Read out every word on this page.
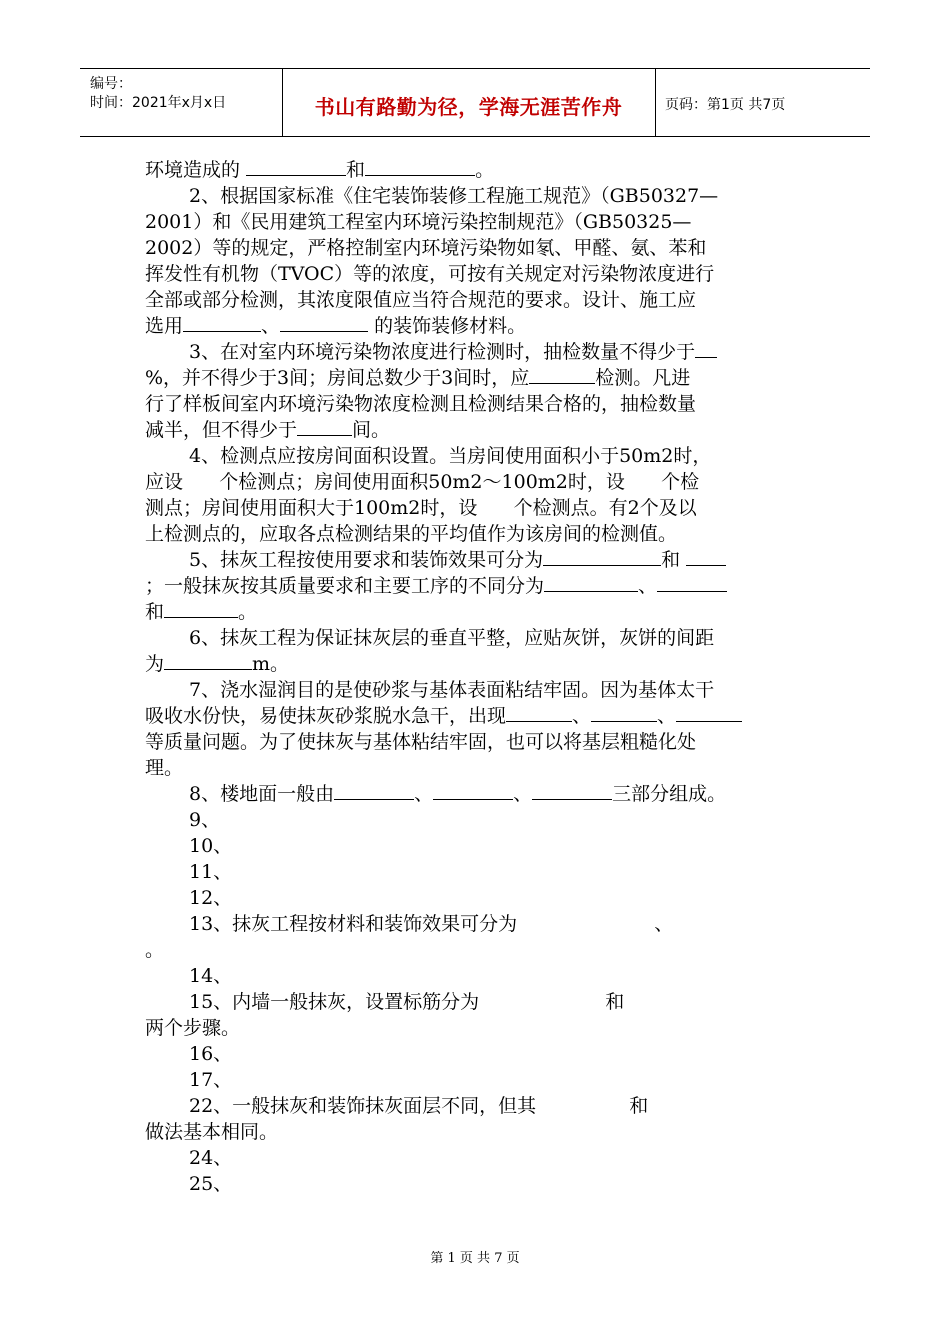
编号：
时间：2021年x月x日	书山有路勤为径，学海无涯苦作舟	页码：第1页 共7页
环境造成的	和	。
2、根据国家标准《住宅装饰装修工程施工规范》（GB50327—
2001）和《民用建筑工程室内环境污染控制规范》（GB50325—
2002）等的规定，严格控制室内环境污染物如氡、甲醛、氨、苯和
挥发性有机物（TVOC）等的浓度，可按有关规定对污染物浓度进行
全部或部分检测，其浓度限值应当符合规范的要求。设计、施工应
选用	、	的装饰装修材料。
3、在对室内环境污染物浓度进行检测时，抽检数量不得少于
%，并不得少于3间；房间总数少于3间时，应	检测。凡进
行了样板间室内环境污染物浓度检测且检测结果合格的，抽检数量
减半，但不得少于	间。
4、检测点应按房间面积设置。当房间使用面积小于50m2时，
应设      个检测点；房间使用面积50m2～100m2时，设      个检
测点；房间使用面积大于100m2时，设      个检测点。有2个及以
上检测点的，应取各点检测结果的平均值作为该房间的检测值。
5、抹灰工程按使用要求和装饰效果可分为	和
；一般抹灰按其质量要求和主要工序的不同分为	、
和	。
6、抹灰工程为保证抹灰层的垂直平整，应贴灰饼，灰饼的间距
为	m。
7、浇水湿润目的是使砂浆与基体表面粘结牢固。因为基体太干
吸收水份快，易使抹灰砂浆脱水急干，出现	、	、
等质量问题。为了使抹灰与基体粘结牢固，也可以将基层粗糙化处
理。
8、楼地面一般由	、	、	三部分组成。
9、
10、
11、
12、
13、抹灰工程按材料和装饰效果可分为	、
。
14、
15、内墙一般抹灰，设置标筋分为	和
两个步骤。
16、
17、
22、一般抹灰和装饰抹灰面层不同，但其	和
做法基本相同。
24、
25、
第 1 页 共 7 页
